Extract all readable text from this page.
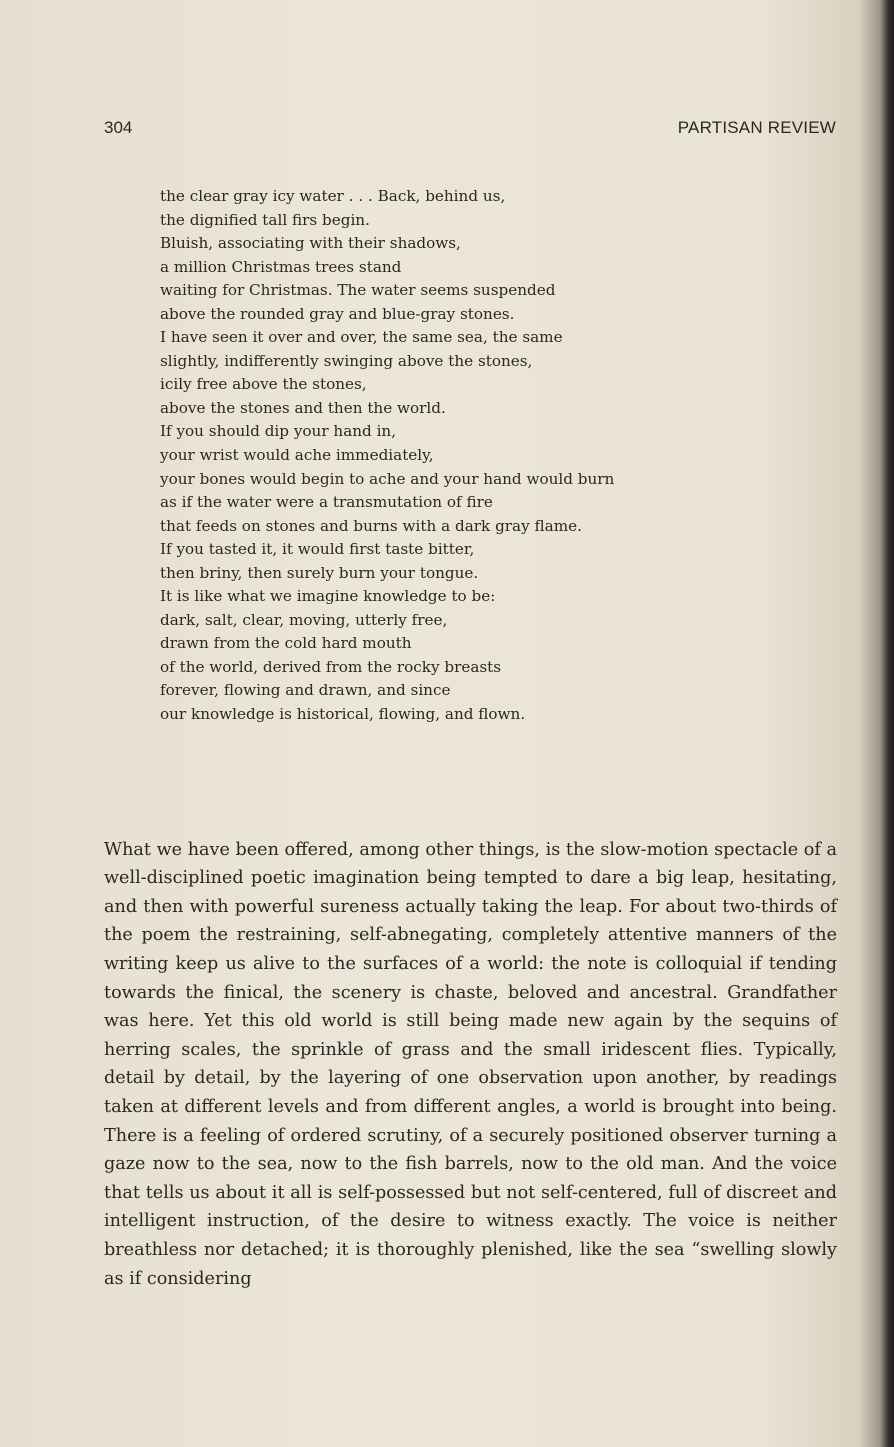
304	PARTISAN REVIEW
the clear gray icy water . . . Back, behind us,
the dignified tall firs begin.
Bluish, associating with their shadows,
a million Christmas trees stand
waiting for Christmas. The water seems suspended
above the rounded gray and blue-gray stones.
I have seen it over and over, the same sea, the same
slightly, indifferently swinging above the stones,
icily free above the stones,
above the stones and then the world.
If you should dip your hand in,
your wrist would ache immediately,
your bones would begin to ache and your hand would burn
as if the water were a transmutation of fire
that feeds on stones and burns with a dark gray flame.
If you tasted it, it would first taste bitter,
then briny, then surely burn your tongue.
It is like what we imagine knowledge to be:
dark, salt, clear, moving, utterly free,
drawn from the cold hard mouth
of the world, derived from the rocky breasts
forever, flowing and drawn, and since
our knowledge is historical, flowing, and flown.

What we have been offered, among other things, is the slow-motion spectacle of a well-disciplined poetic imagination being tempted to dare a big leap, hesitating, and then with powerful sureness actually taking the leap. For about two-thirds of the poem the restraining, self-abnegating, completely attentive manners of the writing keep us alive to the surfaces of a world: the note is colloquial if tending towards the finical, the scenery is chaste, beloved and ancestral. Grandfather was here. Yet this old world is still being made new again by the sequins of herring scales, the sprinkle of grass and the small iridescent flies. Typically, detail by detail, by the layering of one observation upon another, by readings taken at different levels and from different angles, a world is brought into being. There is a feeling of ordered scrutiny, of a securely positioned observer turning a gaze now to the sea, now to the fish barrels, now to the old man. And the voice that tells us about it all is self-possessed but not self-centered, full of discreet and intelligent instruction, of the desire to witness exactly. The voice is neither breathless nor detached; it is thoroughly plenished, like the sea “swelling slowly as if considering
